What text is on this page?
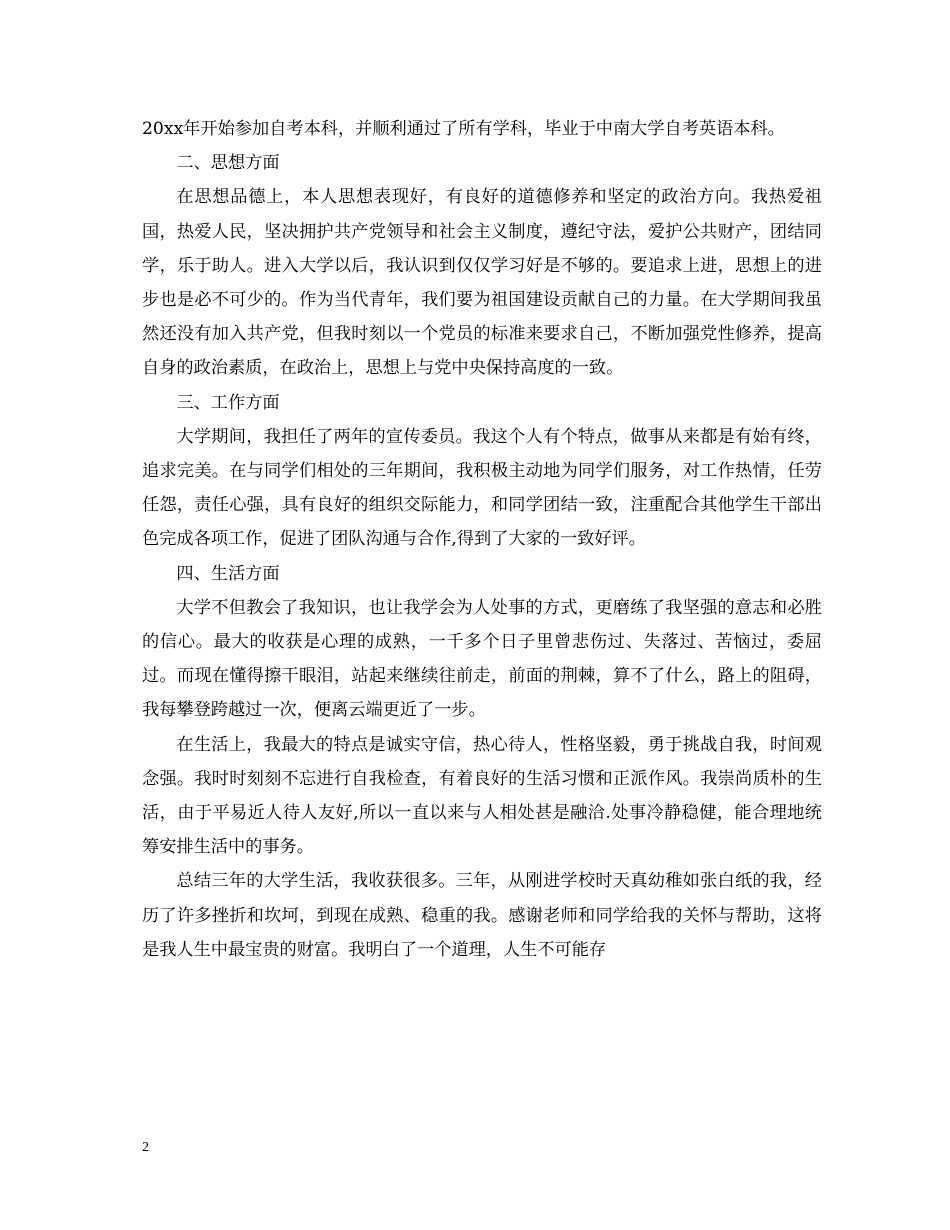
20xx年开始参加自考本科，并顺利通过了所有学科，毕业于中南大学自考英语本科。

二、思想方面

在思想品德上，本人思想表现好，有良好的道德修养和坚定的政治方向。我热爱祖国，热爱人民，坚决拥护共产党领导和社会主义制度，遵纪守法，爱护公共财产，团结同学，乐于助人。进入大学以后，我认识到仅仅学习好是不够的。要追求上进，思想上的进步也是必不可少的。作为当代青年，我们要为祖国建设贡献自己的力量。在大学期间我虽然还没有加入共产党，但我时刻以一个党员的标准来要求自己，不断加强党性修养，提高自身的政治素质，在政治上，思想上与党中央保持高度的一致。

三、工作方面

大学期间，我担任了两年的宣传委员。我这个人有个特点，做事从来都是有始有终，追求完美。在与同学们相处的三年期间，我积极主动地为同学们服务，对工作热情，任劳任怨，责任心强，具有良好的组织交际能力，和同学团结一致，注重配合其他学生干部出色完成各项工作，促进了团队沟通与合作,得到了大家的一致好评。

四、生活方面

大学不但教会了我知识，也让我学会为人处事的方式，更磨练了我坚强的意志和必胜的信心。最大的收获是心理的成熟，一千多个日子里曾悲伤过、失落过、苦恼过，委屈过。而现在懂得擦干眼泪，站起来继续往前走，前面的荆棘，算不了什么，路上的阻碍，我每攀登跨越过一次，便离云端更近了一步。

在生活上，我最大的特点是诚实守信，热心待人，性格坚毅，勇于挑战自我，时间观念强。我时时刻刻不忘进行自我检查，有着良好的生活习惯和正派作风。我崇尚质朴的生活，由于平易近人待人友好,所以一直以来与人相处甚是融洽.处事冷静稳健，能合理地统筹安排生活中的事务。

总结三年的大学生活，我收获很多。三年，从刚进学校时天真幼稚如张白纸的我，经历了许多挫折和坎坷，到现在成熟、稳重的我。感谢老师和同学给我的关怀与帮助，这将是我人生中最宝贵的财富。我明白了一个道理，人生不可能存

2
